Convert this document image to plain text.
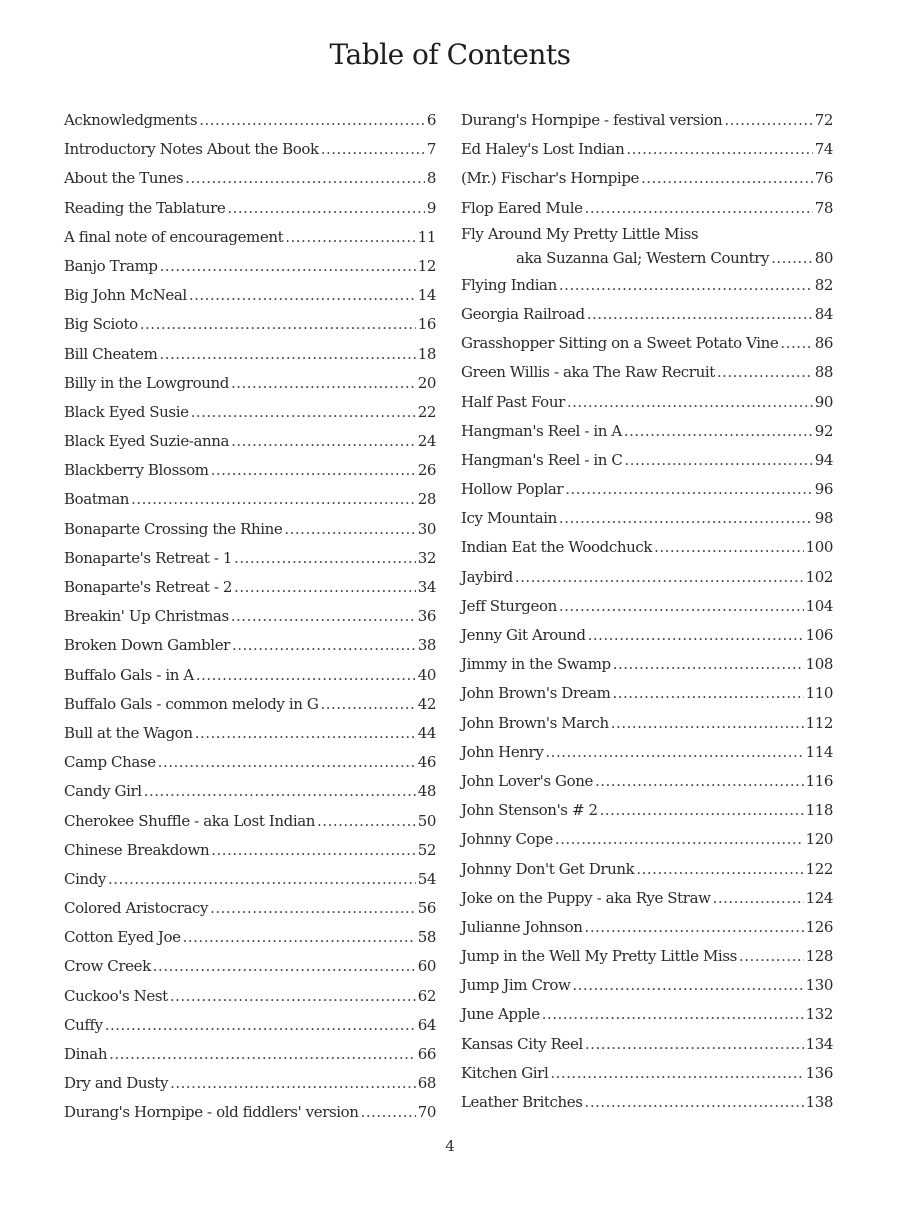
Table of Contents
Acknowledgments .....	6
Introductory Notes About the Book .....	7
About the Tunes .....	8
Reading the Tablature .....	9
A final note of encouragement .....	11
Banjo Tramp .....	12
Big John McNeal .....	14
Big Scioto .....	16
Bill Cheatem .....	18
Billy in the Lowground .....	20
Black Eyed Susie .....	22
Black Eyed Suzie-anna .....	24
Blackberry Blossom .....	26
Boatman .....	28
Bonaparte Crossing the Rhine .....	30
Bonaparte's Retreat - 1 .....	32
Bonaparte's Retreat - 2 .....	34
Breakin' Up Christmas .....	36
Broken Down Gambler .....	38
Buffalo Gals - in A .....	40
Buffalo Gals - common melody in G .....	42
Bull at the Wagon .....	44
Camp Chase .....	46
Candy Girl .....	48
Cherokee Shuffle - aka Lost Indian .....	50
Chinese Breakdown .....	52
Cindy .....	54
Colored Aristocracy .....	56
Cotton Eyed Joe .....	58
Crow Creek .....	60
Cuckoo's Nest .....	62
Cuffy .....	64
Dinah .....	66
Dry and Dusty .....	68
Durang's Hornpipe - old fiddlers' version .....	70
Durang's Hornpipe - festival version .....	72
Ed Haley's Lost Indian .....	74
(Mr.) Fischar's Hornpipe .....	76
Flop Eared Mule .....	78
Fly Around My Pretty Little Miss
aka Suzanna Gal; Western Country .....	80
Flying Indian .....	82
Georgia Railroad .....	84
Grasshopper Sitting on a Sweet Potato Vine ..... 86
Green Willis - aka The Raw Recruit .....	88
Half Past Four .....	90
Hangman's Reel - in A .....	92
Hangman's Reel - in C .....	94
Hollow Poplar .....	96
Icy Mountain .....	98
Indian Eat the Woodchuck .....	100
Jaybird .....	102
Jeff Sturgeon .....	104
Jenny Git Around .....	106
Jimmy in the Swamp .....	108
John Brown's Dream .....	110
John Brown's March .....	112
John Henry .....	114
John Lover's Gone .....	116
John Stenson's # 2 .....	118
Johnny Cope .....	120
Johnny Don't Get Drunk .....	122
Joke on the Puppy - aka Rye Straw .....	124
Julianne Johnson .....	126
Jump in the Well My Pretty Little Miss .....	128
Jump Jim Crow .....	130
June Apple .....	132
Kansas City Reel .....	134
Kitchen Girl .....	136
Leather Britches .....	138
4
